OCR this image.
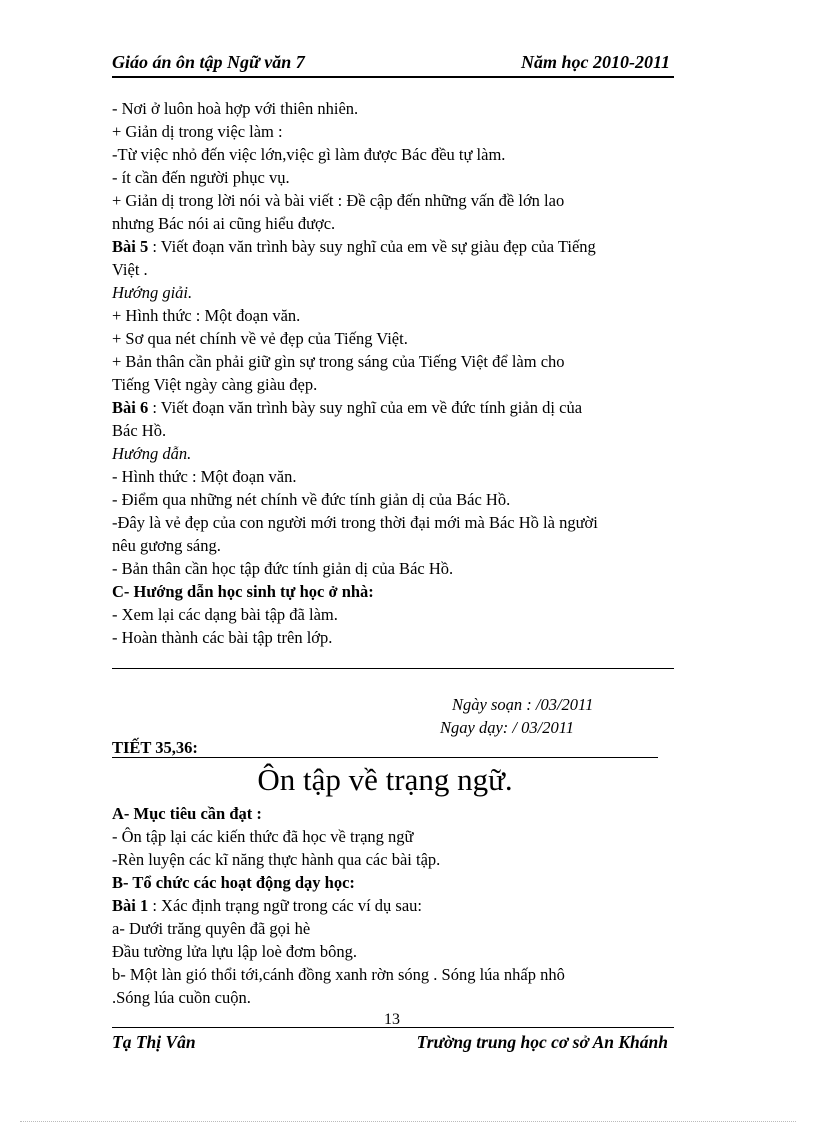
Giáo án ôn tập Ngữ văn 7	Năm học 2010-2011
- Nơi ở luôn hoà hợp với thiên nhiên.
+ Giản dị trong việc làm :
-Từ việc nhỏ đến việc lớn,việc gì làm được Bác đều tự làm.
- ít cần đến người phục vụ.
+ Giản dị trong lời nói và bài viết : Đề cập đến những vấn đề lớn lao
nhưng Bác nói ai cũng hiểu được.
Bài 5 : Viết đoạn văn trình bày suy nghĩ của em về sự giàu đẹp của Tiếng
Việt .
Hướng giải.
+ Hình thức : Một đoạn văn.
+ Sơ qua nét chính về vẻ đẹp của Tiếng Việt.
+ Bản thân cần phải giữ gìn sự trong sáng của Tiếng Việt để làm cho
Tiếng Việt ngày càng giàu đẹp.
Bài 6 : Viết đoạn văn trình bày suy nghĩ của em về đức tính giản dị của
Bác Hồ.
Hướng dẫn.
- Hình thức : Một đoạn văn.
- Điểm qua những nét chính về đức tính giản dị của Bác Hồ.
-Đây là vẻ đẹp của con người mới trong thời đại mới mà Bác Hồ là người
nêu gương sáng.
- Bản thân cần học tập đức tính giản dị của Bác Hồ.
C- Hướng dẫn học sinh tự học ở nhà:
- Xem lại các dạng bài tập đã làm.
- Hoàn thành các bài tập trên lớp.
Ngày soạn : /03/2011
Ngay dạy: / 03/2011
TIẾT 35,36:
Ôn tập về trạng ngữ.
A- Mục tiêu cần đạt :
- Ôn tập lại các kiến thức đã học về trạng ngữ
-Rèn luyện các kĩ năng thực hành qua các bài tập.
B- Tổ chức các hoạt động dạy học:
Bài 1 : Xác định trạng ngữ trong các ví dụ sau:
a- Dưới trăng quyên đã gọi hè
Đầu tường lửa lựu lập loè đơm bông.
b- Một làn gió thổi tới,cánh đồng xanh rờn sóng . Sóng lúa nhấp nhô
.Sóng lúa cuồn cuộn.
13
Tạ Thị Vân	Trường trung học cơ sở An Khánh
